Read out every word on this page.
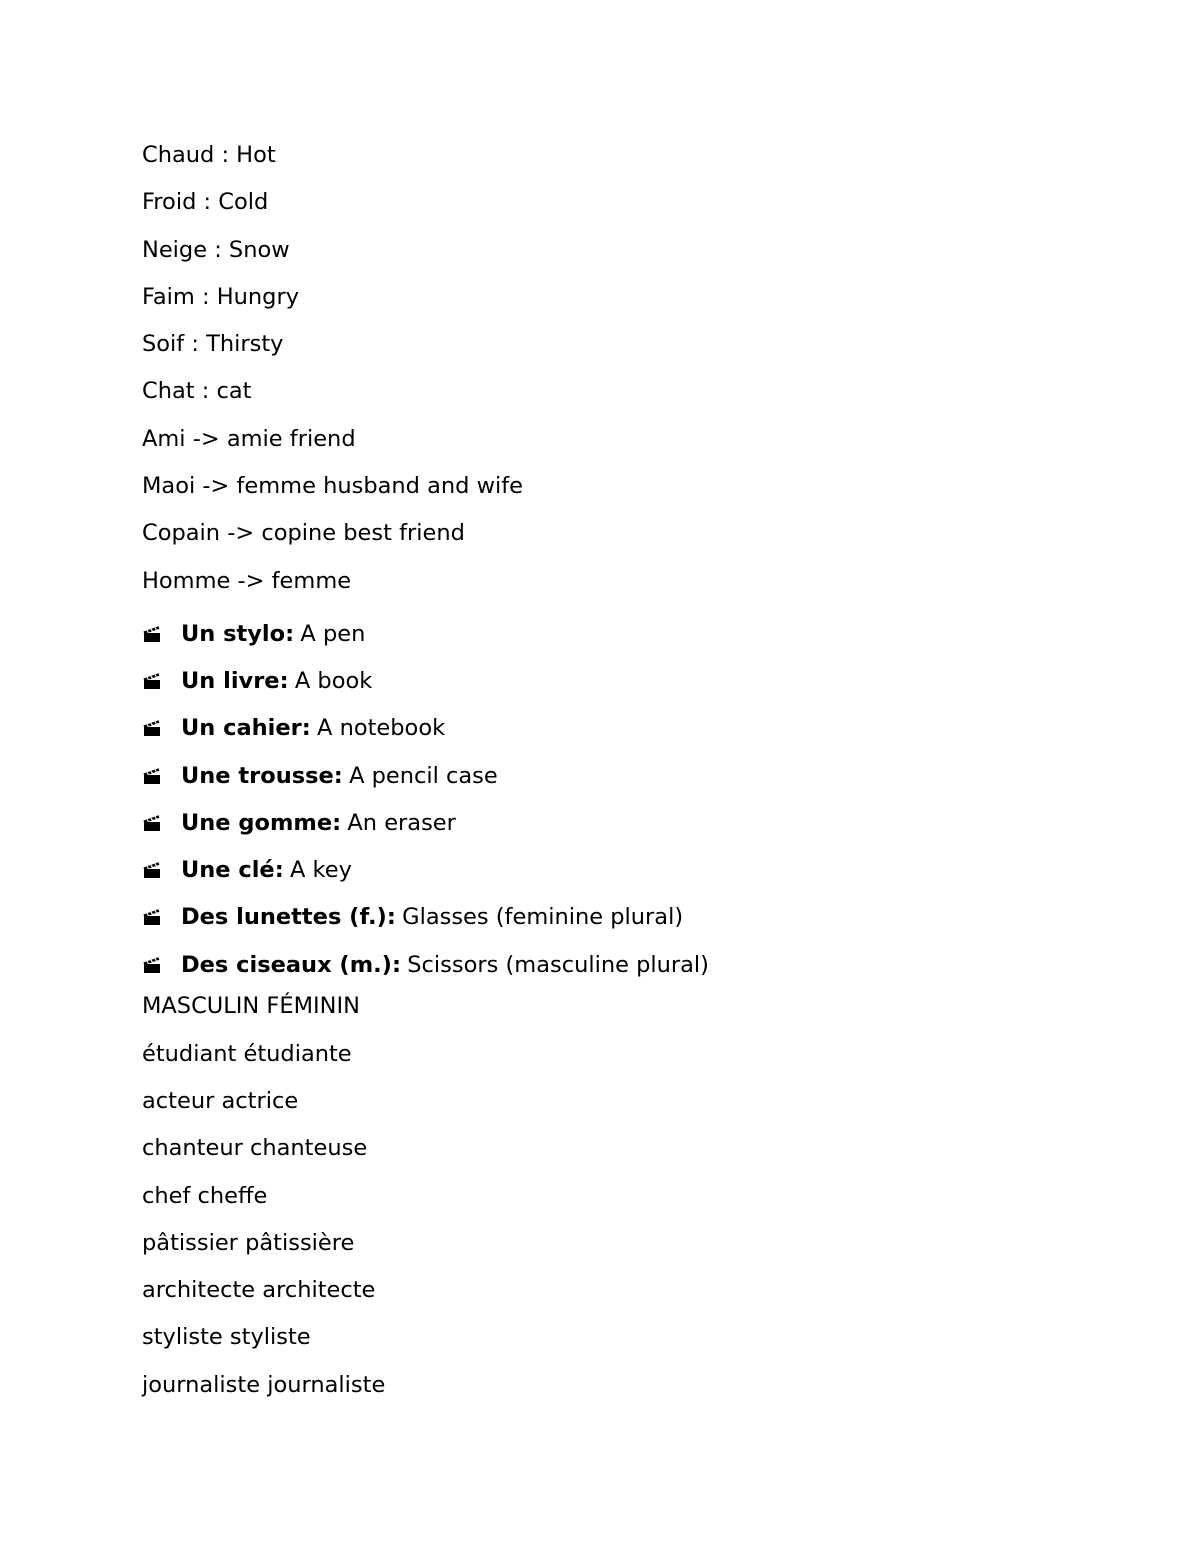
Chaud : Hot
Froid : Cold
Neige : Snow
Faim : Hungry
Soif : Thirsty
Chat : cat
Ami -> amie friend
Maoi -> femme husband and wife
Copain -> copine best friend
Homme -> femme
Un stylo: A pen
Un livre: A book
Un cahier: A notebook
Une trousse: A pencil case
Une gomme: An eraser
Une clé: A key
Des lunettes (f.): Glasses (feminine plural)
Des ciseaux (m.): Scissors (masculine plural)
MASCULIN FÉMININ
étudiant étudiante
acteur actrice
chanteur chanteuse
chef cheffe
pâtissier pâtissière
architecte architecte
styliste styliste
journaliste journaliste
